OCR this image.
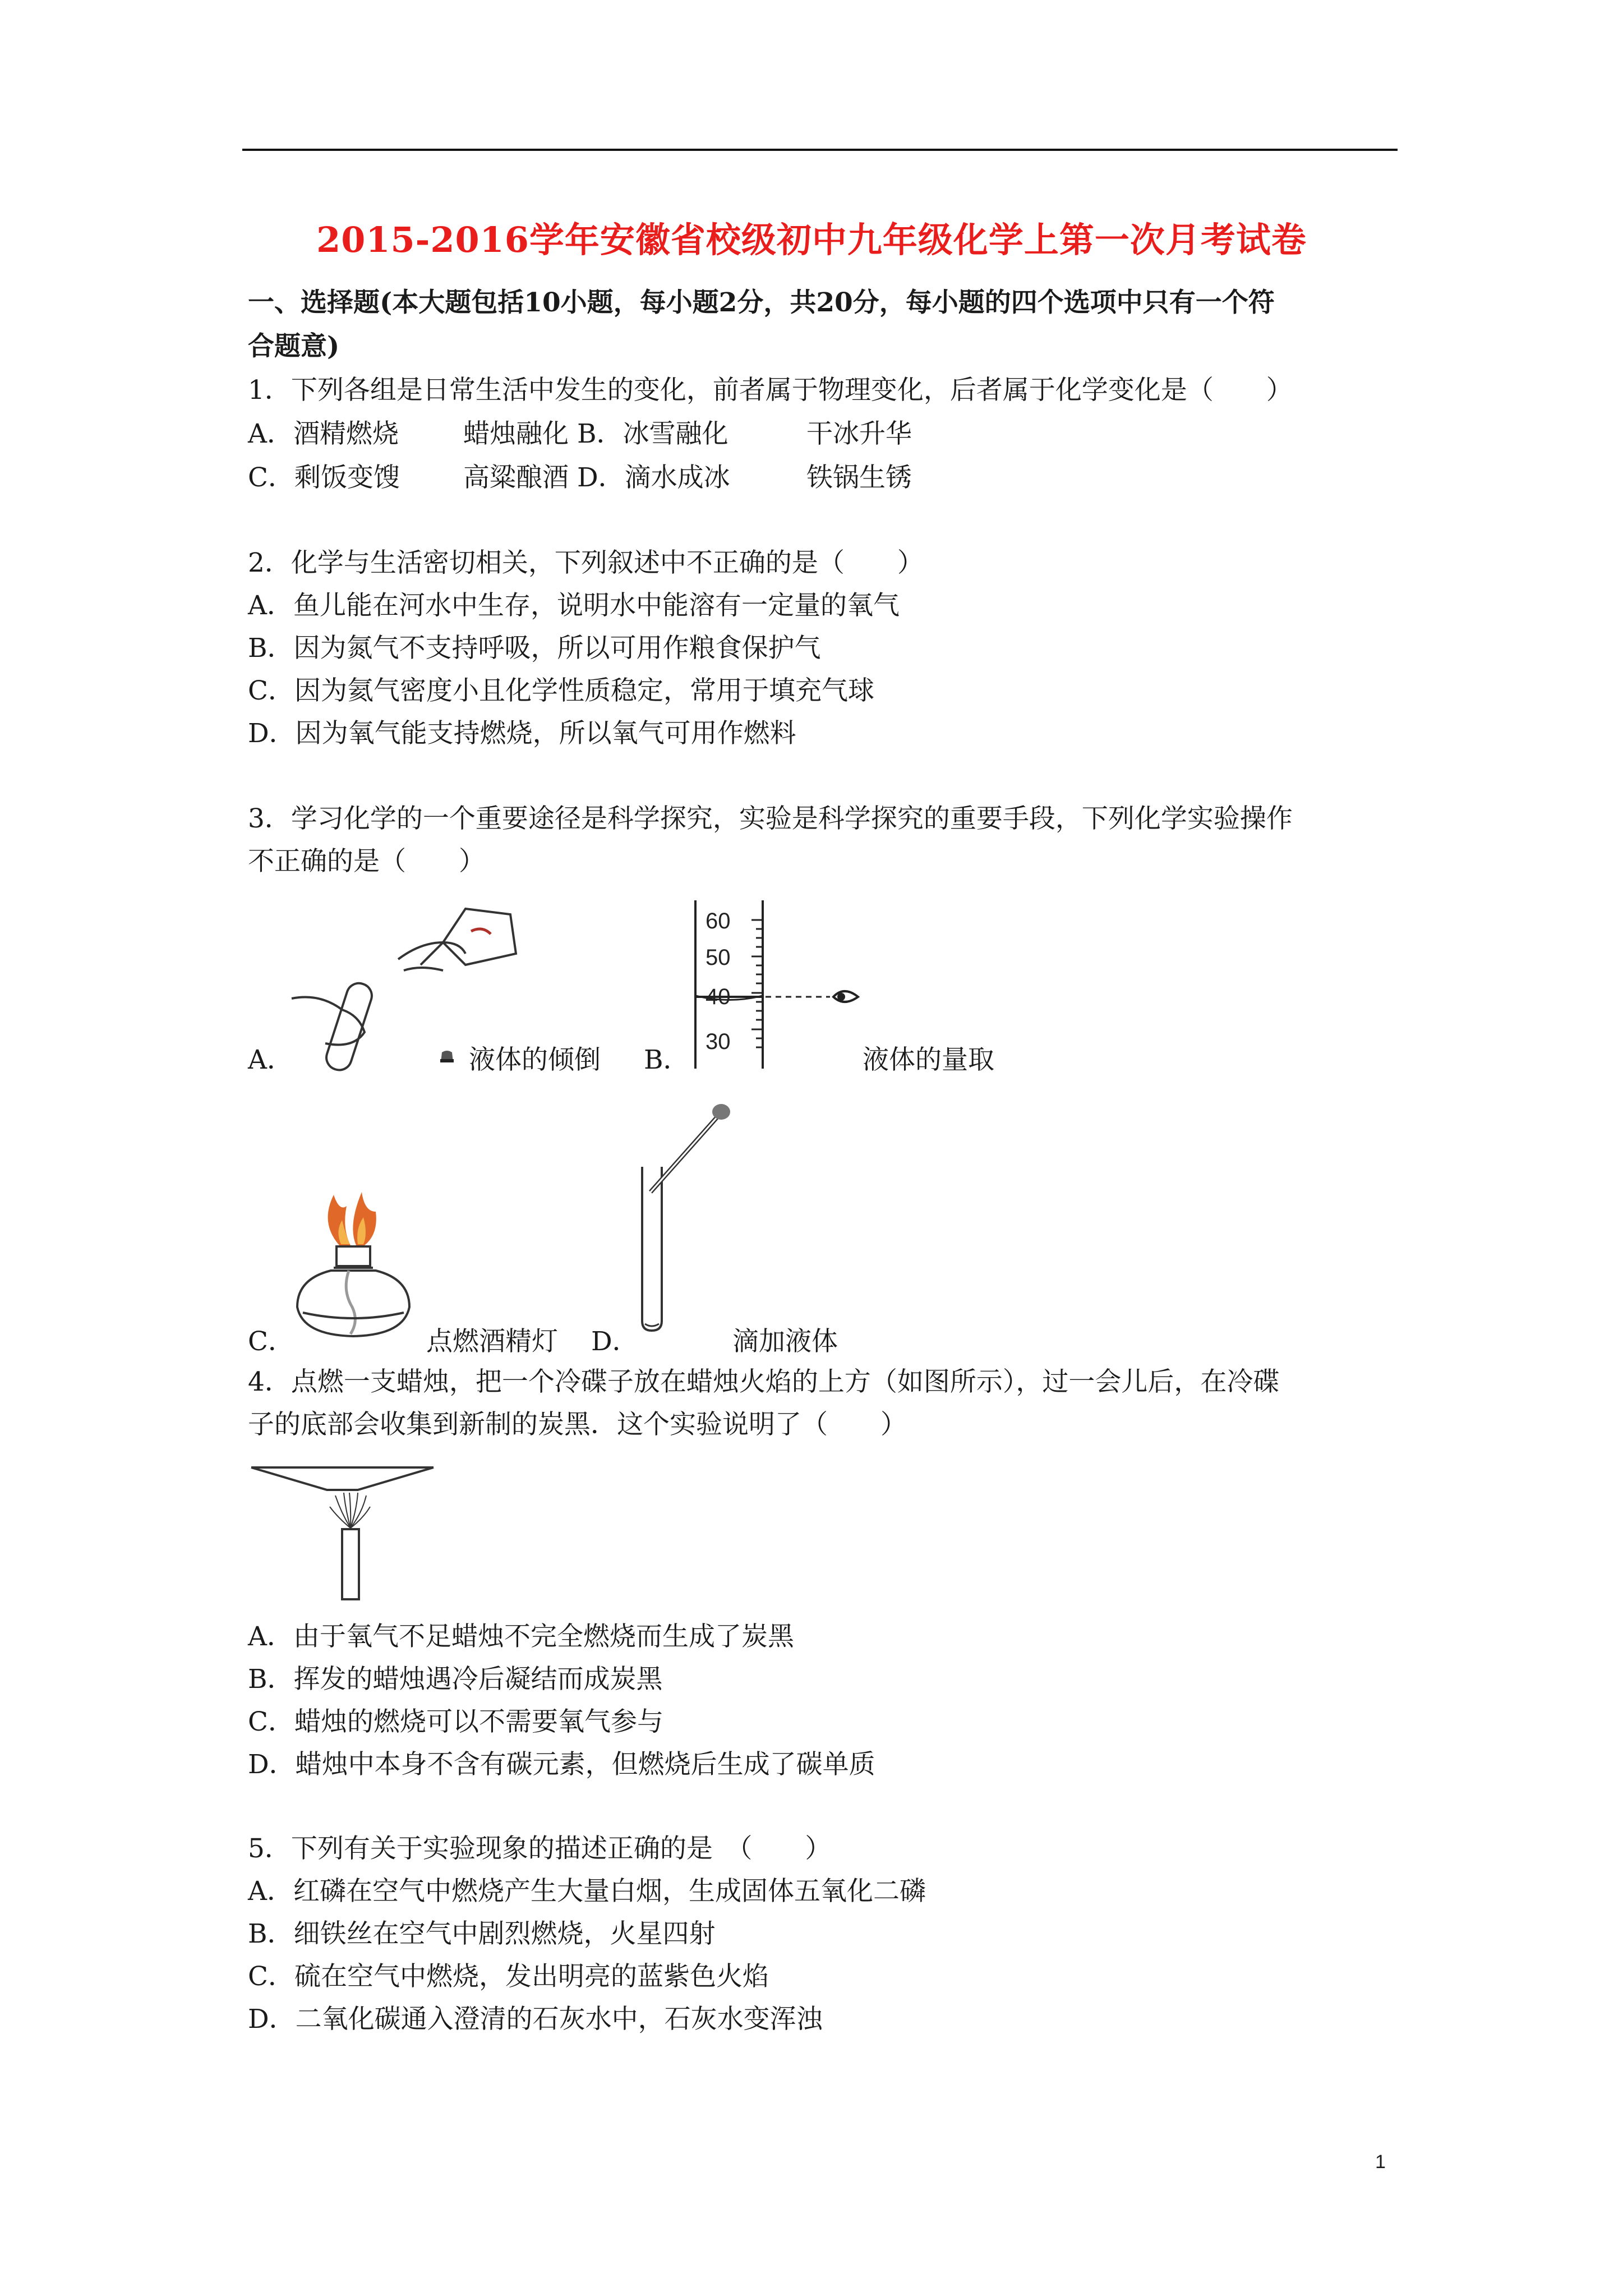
2015-2016学年安徽省校级初中九年级化学上第一次月考试卷
一、选择题(本大题包括10小题，每小题2分，共20分，每小题的四个选项中只有一个符
合题意)
1．下列各组是日常生活中发生的变化，前者属于物理变化，后者属于化学变化是（　　）
A．酒精燃烧 蜡烛融化 B．冰雪融化	干冰升华
C．剩饭变馊 高粱酿酒 D．滴水成冰	铁锅生锈
2．化学与生活密切相关，下列叙述中不正确的是（　　）
A．鱼儿能在河水中生存，说明水中能溶有一定量的氧气
B．因为氮气不支持呼吸，所以可用作粮食保护气
C．因为氦气密度小且化学性质稳定，常用于填充气球
D．因为氧气能支持燃烧，所以氧气可用作燃料
3．学习化学的一个重要途径是科学探究，实验是科学探究的重要手段，下列化学实验操作
不正确的是（　　）
A．	液体的倾倒 B．
60
50
40
30
液体的量取
C．	点燃酒精灯 D．	滴加液体
4．点燃一支蜡烛，把一个冷碟子放在蜡烛火焰的上方（如图所示），过一会儿后，在冷碟
子的底部会收集到新制的炭黑．这个实验说明了（　　）
A．由于氧气不足蜡烛不完全燃烧而生成了炭黑
B．挥发的蜡烛遇冷后凝结而成炭黑
C．蜡烛的燃烧可以不需要氧气参与
D．蜡烛中本身不含有碳元素，但燃烧后生成了碳单质
5．下列有关于实验现象的描述正确的是　（　　）
A．红磷在空气中燃烧产生大量白烟，生成固体五氧化二磷
B．细铁丝在空气中剧烈燃烧，火星四射
C．硫在空气中燃烧，发出明亮的蓝紫色火焰
D．二氧化碳通入澄清的石灰水中，石灰水变浑浊
1
